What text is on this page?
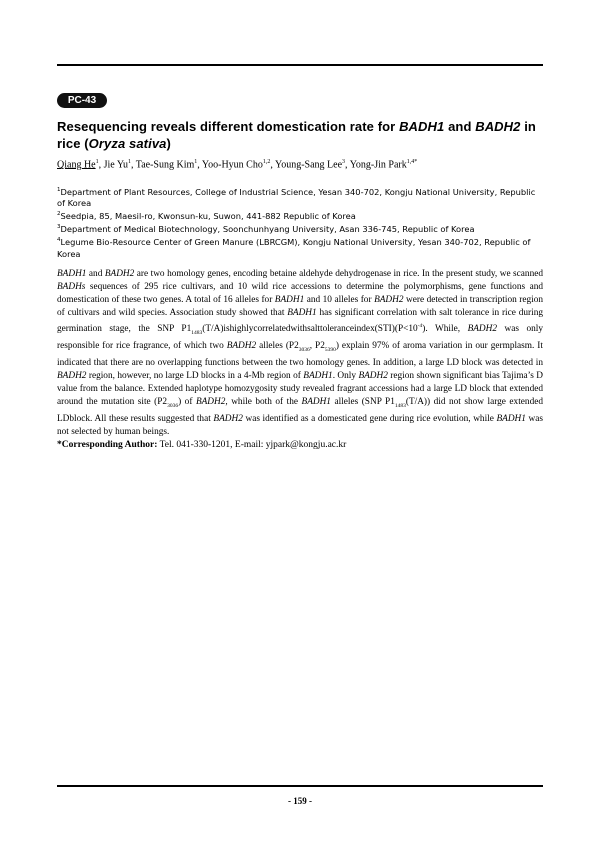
PC-43
Resequencing reveals different domestication rate for BADH1 and BADH2 in rice (Oryza sativa)
Qiang He$^1$, Jie Yu$^1$, Tae-Sung Kim$^1$, Yoo-Hyun Cho$^{1,2}$, Young-Sang Lee$^3$, Yong-Jin Park$^{1,4*}$

$^1$Department of Plant Resources, College of Industrial Science, Yesan 340-702, Kongju National University, Republic of Korea

$^2$Seedpia, 85, Maesil-ro, Kwonsun-ku, Suwon, 441-882 Republic of Korea

$^3$Department of Medical Biotechnology, Soonchunhyang University, Asan 336-745, Republic of Korea

$^4$Legume Bio-Resource Center of Green Manure (LBRCGM), Kongju National University, Yesan 340-702, Republic of Korea

BADH1 and BADH2 are two homology genes, encoding betaine aldehyde dehydrogenase in rice. In the present study, we scanned BADHs sequences of 295 rice cultivars, and 10 wild rice accessions to determine the polymorphisms, gene functions and domestication of these two genes. A total of 16 alleles for BADH1 and 10 alleles for BADH2 were detected in transcription region of cultivars and wild species. Association study showed that BADH1 has significant correlation with salt tolerance in rice during germination stage, the SNP $P1_{1483}(T/A)ishighlycorrelatedwithsalttoleranceindex(STI)(P<10^{-4})$. While, BADH2 was only responsible for rice fragrance, of which two BADH2 alleles ($P2_{3036}$, $P2_{5390}$) explain 97% of aroma variation in our germplasm. It indicated that there are no overlapping functions between the two homology genes. In addition, a large LD block was detected in BADH2 region, however, no large LD blocks in a 4-Mb region of BADH1. Only BADH2 region shown significant bias Tajima’s D value from the balance. Extended haplotype homozygosity study revealed fragrant accessions had a large LD block that extended around the mutation site $(P2_{3036})$ of BADH2, while both of the BADH1 alleles (SNP $P1_{1483}(T/A)$) did not show large extended LDblock. All these results suggested that BADH2 was identified as a domesticated gene during rice evolution, while BADH1 was not selected by human beings.
*Corresponding Author: Tel. 041-330-1201, E-mail: yjpark@kongju.ac.kr
- 159 -
